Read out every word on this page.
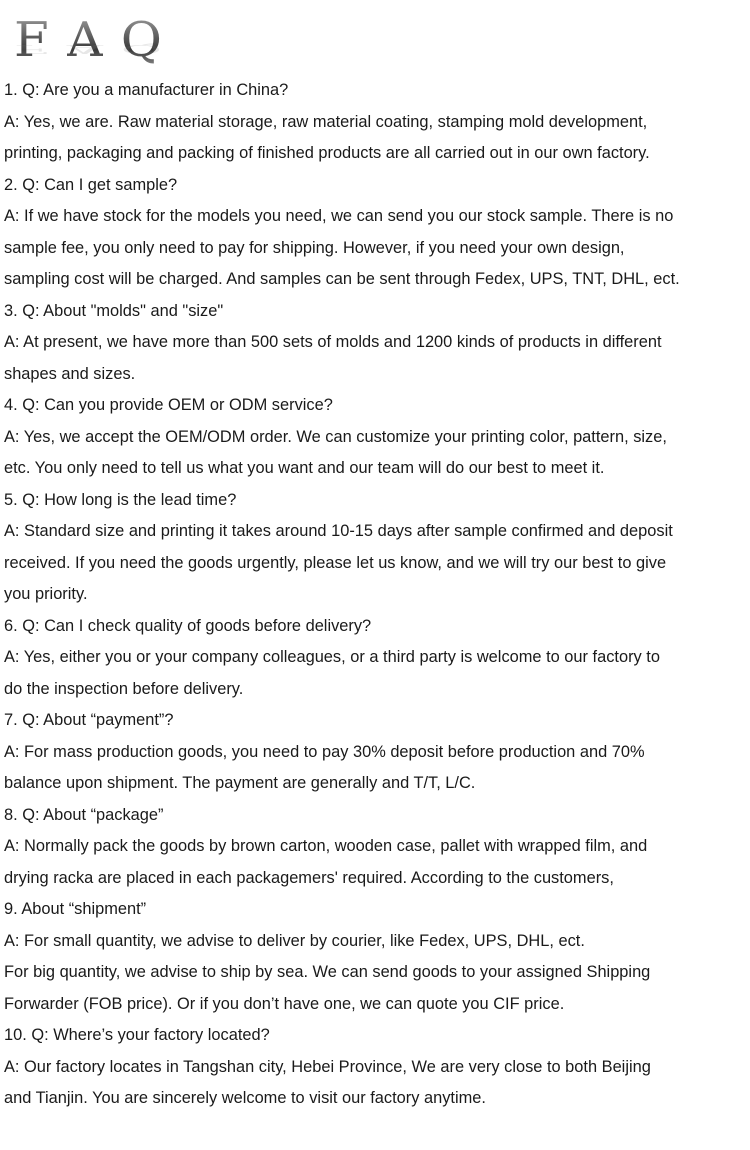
F F A A Q Q
1. Q: Are you a manufacturer in China?
A: Yes, we are. Raw material storage, raw material coating, stamping mold development,
printing, packaging and packing of finished products are all carried out in our own factory.
2. Q: Can I get sample?
A: If we have stock for the models you need, we can send you our stock sample. There is no
sample fee, you only need to pay for shipping. However, if you need your own design,
sampling cost will be charged. And samples can be sent through Fedex, UPS, TNT, DHL, ect.
3. Q: About "molds" and "size"
A: At present, we have more than 500 sets of molds and 1200 kinds of products in different
shapes and sizes.
4. Q: Can you provide OEM or ODM service?
A: Yes, we accept the OEM/ODM order. We can customize your printing color, pattern, size,
etc. You only need to tell us what you want and our team will do our best to meet it.
5. Q: How long is the lead time?
A: Standard size and printing it takes around 10-15 days after sample confirmed and deposit
received. If you need the goods urgently, please let us know, and we will try our best to give
you priority.
6. Q: Can I check quality of goods before delivery?
A: Yes, either you or your company colleagues, or a third party is welcome to our factory to
do the inspection before delivery.
7. Q: About “payment”?
A: For mass production goods, you need to pay 30% deposit before production and 70%
balance upon shipment. The payment are generally and T/T, L/C.
8. Q: About “package”
A: Normally pack the goods by brown carton, wooden case, pallet with wrapped film, and
drying racka are placed in each packagemers' required. According to the customers,
9. About “shipment”
A: For small quantity, we advise to deliver by courier, like Fedex, UPS, DHL, ect.
For big quantity, we advise to ship by sea. We can send goods to your assigned Shipping
Forwarder (FOB price). Or if you don’t have one, we can quote you CIF price.
10. Q: Where’s your factory located?
A: Our factory locates in Tangshan city, Hebei Province, We are very close to both Beijing
and Tianjin. You are sincerely welcome to visit our factory anytime.
